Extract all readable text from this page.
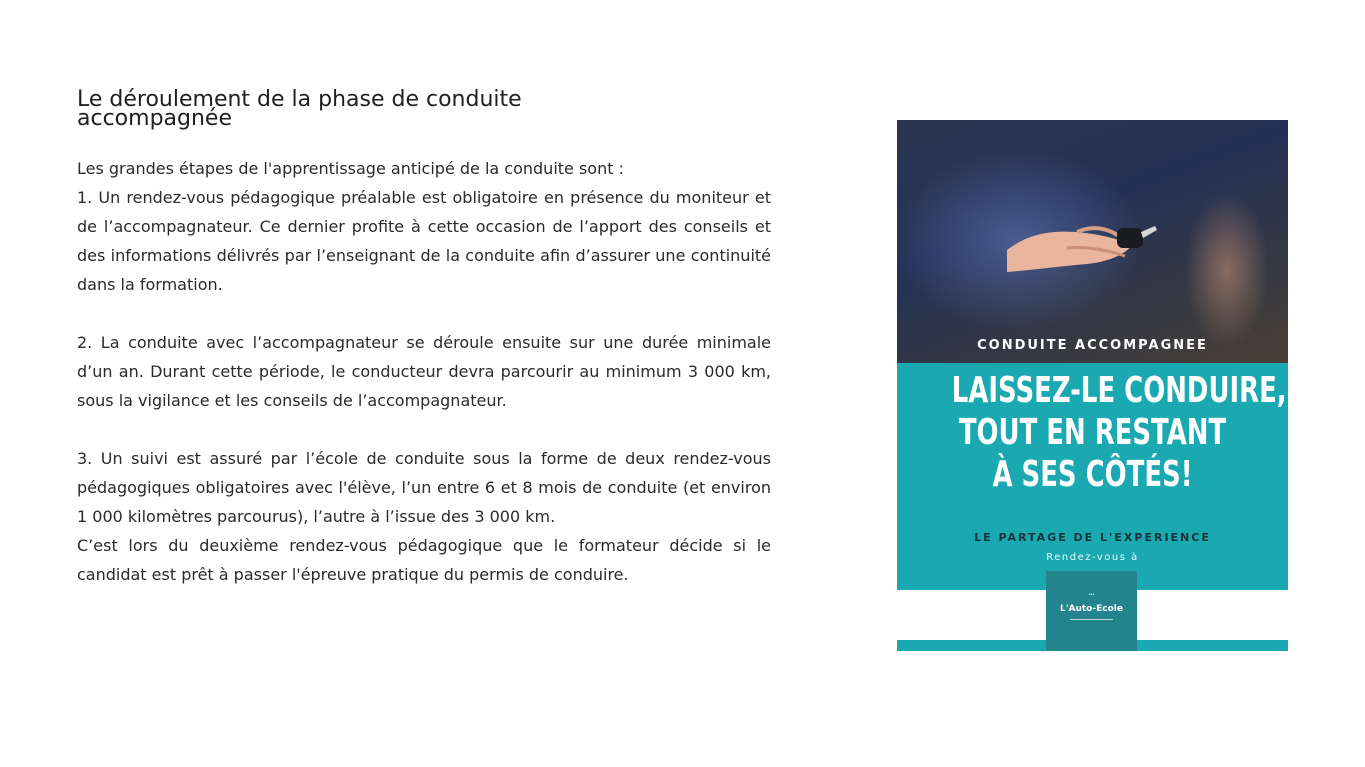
Le déroulement de la phase de conduite accompagnée

Les grandes étapes de l'apprentissage anticipé de la conduite sont :

1. Un rendez-vous pédagogique préalable est obligatoire en présence du moniteur et de l’accompagnateur. Ce dernier profite à cette occasion de l’apport des conseils et des informations délivrés par l’enseignant de la conduite afin d’assurer une continuité dans la formation.

2. La conduite avec l’accompagnateur se déroule ensuite sur une durée minimale d’un an. Durant cette période, le conducteur devra parcourir au minimum 3 000 km, sous la vigilance et les conseils de l’accompagnateur.

3. Un suivi est assuré par l’école de conduite sous la forme de deux rendez-vous pédagogiques obligatoires avec l'élève, l’un entre 6 et 8 mois de conduite (et environ 1 000 kilomètres parcourus), l’autre à l’issue des 3 000 km.

C’est lors du deuxième rendez-vous pédagogique que le formateur décide si le candidat est prêt à passer l'épreuve pratique du permis de conduire.

CONDUITE ACCOMPAGNEE
LAISSEZ-LE CONDUIRE,
TOUT EN RESTANT
À SES CÔTÉS!
LE PARTAGE DE L'EXPERIENCE
Rendez-vous à
•••
L'Auto-Ecole
